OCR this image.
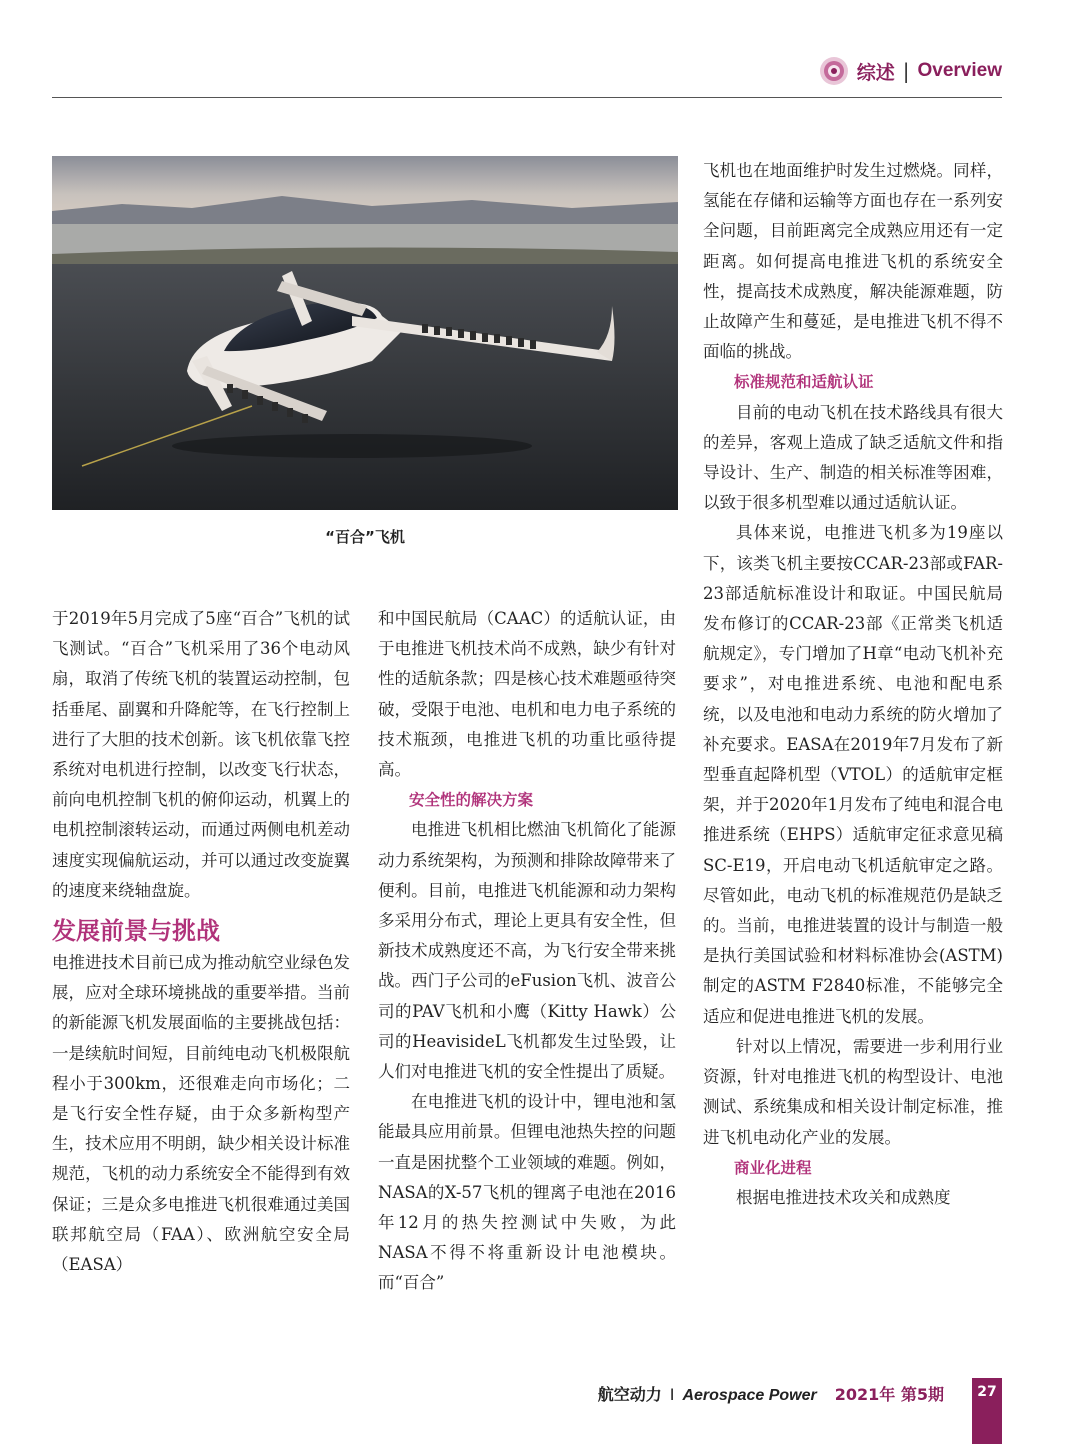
综述 | Overview
“百合”飞机

于2019年5月完成了5座“百合”飞机的试飞测试。“百合”飞机采用了36个电动风扇，取消了传统飞机的装置运动控制，包括垂尾、副翼和升降舵等，在飞行控制上进行了大胆的技术创新。该飞机依靠飞控系统对电机进行控制，以改变飞行状态，前向电机控制飞机的俯仰运动，机翼上的电机控制滚转运动，而通过两侧电机差动速度实现偏航运动，并可以通过改变旋翼的速度来绕轴盘旋。

发展前景与挑战

电推进技术目前已成为推动航空业绿色发展，应对全球环境挑战的重要举措。当前的新能源飞机发展面临的主要挑战包括：一是续航时间短，目前纯电动飞机极限航程小于300km，还很难走向市场化；二是飞行安全性存疑，由于众多新构型产生，技术应用不明朗，缺少相关设计标准规范，飞机的动力系统安全不能得到有效保证；三是众多电推进飞机很难通过美国联邦航空局（FAA）、欧洲航空安全局（EASA）

和中国民航局（CAAC）的适航认证，由于电推进飞机技术尚不成熟，缺少有针对性的适航条款；四是核心技术难题亟待突破，受限于电池、电机和电力电子系统的技术瓶颈，电推进飞机的功重比亟待提高。

安全性的解决方案

电推进飞机相比燃油飞机简化了能源动力系统架构，为预测和排除故障带来了便利。目前，电推进飞机能源和动力架构多采用分布式，理论上更具有安全性，但新技术成熟度还不高，为飞行安全带来挑战。西门子公司的eFusion飞机、波音公司的PAV飞机和小鹰（Kitty Hawk）公司的HeavisideL飞机都发生过坠毁，让人们对电推进飞机的安全性提出了质疑。

在电推进飞机的设计中，锂电池和氢能最具应用前景。但锂电池热失控的问题一直是困扰整个工业领域的难题。例如，NASA的X-57飞机的锂离子电池在2016年12月的热失控测试中失败，为此NASA不得不将重新设计电池模块。而“百合”

飞机也在地面维护时发生过燃烧。同样，氢能在存储和运输等方面也存在一系列安全问题，目前距离完全成熟应用还有一定距离。如何提高电推进飞机的系统安全性，提高技术成熟度，解决能源难题，防止故障产生和蔓延，是电推进飞机不得不面临的挑战。

标准规范和适航认证

目前的电动飞机在技术路线具有很大的差异，客观上造成了缺乏适航文件和指导设计、生产、制造的相关标准等困难，以致于很多机型难以通过适航认证。

具体来说，电推进飞机多为19座以下，该类飞机主要按CCAR-23部或FAR-23部适航标准设计和取证。中国民航局发布修订的CCAR-23部《正常类飞机适航规定》，专门增加了H章“电动飞机补充要求”，对电推进系统、电池和配电系统，以及电池和电动力系统的防火增加了补充要求。EASA在2019年7月发布了新型垂直起降机型（VTOL）的适航审定框架，并于2020年1月发布了纯电和混合电推进系统（EHPS）适航审定征求意见稿SC-E19，开启电动飞机适航审定之路。尽管如此，电动飞机的标准规范仍是缺乏的。当前，电推进装置的设计与制造一般是执行美国试验和材料标准协会(ASTM)制定的ASTM F2840标准，不能够完全适应和促进电推进飞机的发展。

针对以上情况，需要进一步利用行业资源，针对电推进飞机的构型设计、电池测试、系统集成和相关设计制定标准，推进飞机电动化产业的发展。

商业化进程

根据电推进技术攻关和成熟度

航空动力 I Aerospace Power 2021年 第5期	27
